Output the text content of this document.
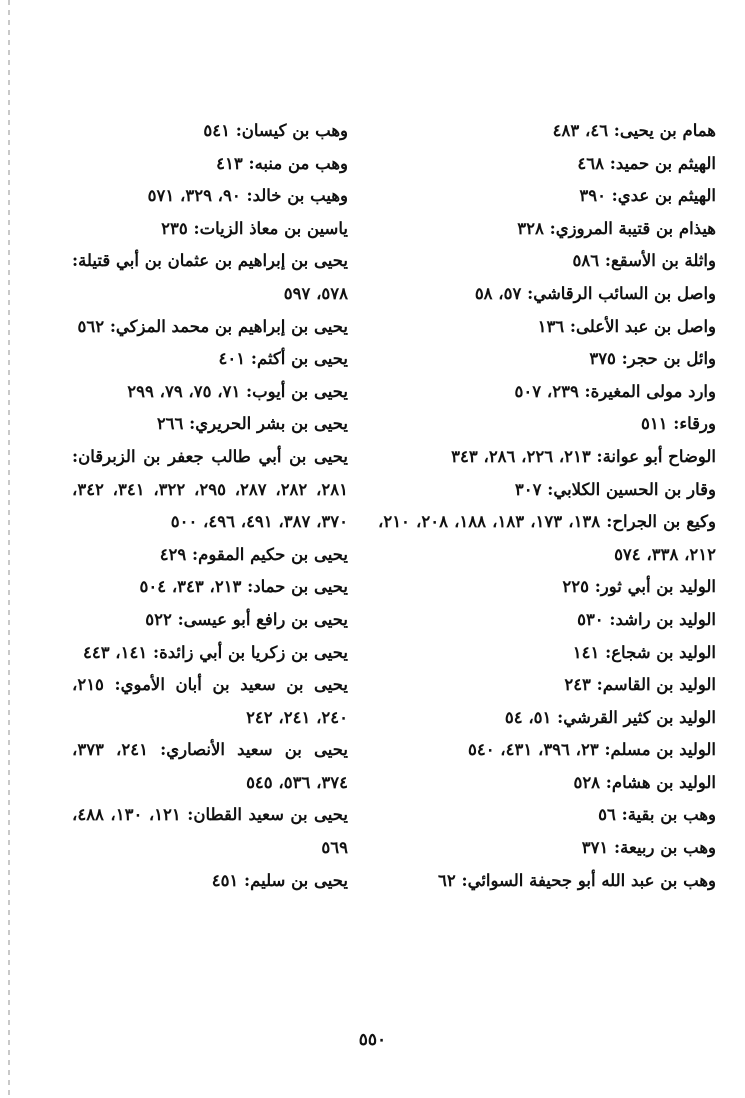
همام بن يحيى: ٤٦، ٤٨٣
الهيثم بن حميد: ٤٦٨
الهيثم بن عدي: ٣٩٠
هيذام بن قتيبة المروزي: ٣٢٨
واثلة بن الأسقع: ٥٨٦
واصل بن السائب الرقاشي: ٥٧، ٥٨
واصل بن عبد الأعلى: ١٣٦
وائل بن حجر: ٣٧٥
وارد مولى المغيرة: ٢٣٩، ٥٠٧
ورقاء: ٥١١
الوضاح أبو عوانة: ٢١٣، ٢٢٦، ٢٨٦، ٣٤٣
وقار بن الحسين الكلابي: ٣٠٧
وكيع بن الجراح: ١٣٨، ١٧٣، ١٨٣، ١٨٨، ٢٠٨، ٢١٠، ٢١٢، ٣٣٨، ٥٧٤
الوليد بن أبي ثور: ٢٢٥
الوليد بن راشد: ٥٣٠
الوليد بن شجاع: ١٤١
الوليد بن القاسم: ٢٤٣
الوليد بن كثير القرشي: ٥١، ٥٤
الوليد بن مسلم: ٢٣، ٣٩٦، ٤٣١، ٥٤٠
الوليد بن هشام: ٥٢٨
وهب بن بقية: ٥٦
وهب بن ربيعة: ٣٧١
وهب بن عبد الله أبو جحيفة السوائي: ٦٢
وهب بن كيسان: ٥٤١
وهب من منبه: ٤١٣
وهيب بن خالد: ٩٠، ٣٢٩، ٥٧١
ياسين بن معاذ الزيات: ٢٣٥
يحيى بن إبراهيم بن عثمان بن أبي قتيلة: ٥٧٨، ٥٩٧
يحيى بن إبراهيم بن محمد المزكي: ٥٦٢
يحيى بن أكثم: ٤٠١
يحيى بن أيوب: ٧١، ٧٥، ٧٩، ٢٩٩
يحيى بن بشر الحريري: ٢٦٦
يحيى بن أبي طالب جعفر بن الزبرقان: ٢٨١، ٢٨٢، ٢٨٧، ٢٩٥، ٣٢٢، ٣٤١، ٣٤٢، ٣٧٠، ٣٨٧، ٤٩١، ٤٩٦، ٥٠٠
يحيى بن حكيم المقوم: ٤٢٩
يحيى بن حماد: ٢١٣، ٣٤٣، ٥٠٤
يحيى بن رافع أبو عيسى: ٥٢٢
يحيى بن زكريا بن أبي زائدة: ١٤١، ٤٤٣
يحيى بن سعيد بن أبان الأموي: ٢١٥، ٢٤٠، ٢٤١، ٢٤٢
يحيى بن سعيد الأنصاري: ٢٤١، ٣٧٣، ٣٧٤، ٥٣٦، ٥٤٥
يحيى بن سعيد القطان: ١٢١، ١٣٠، ٤٨٨، ٥٦٩
يحيى بن سليم: ٤٥١
٥٥٠
